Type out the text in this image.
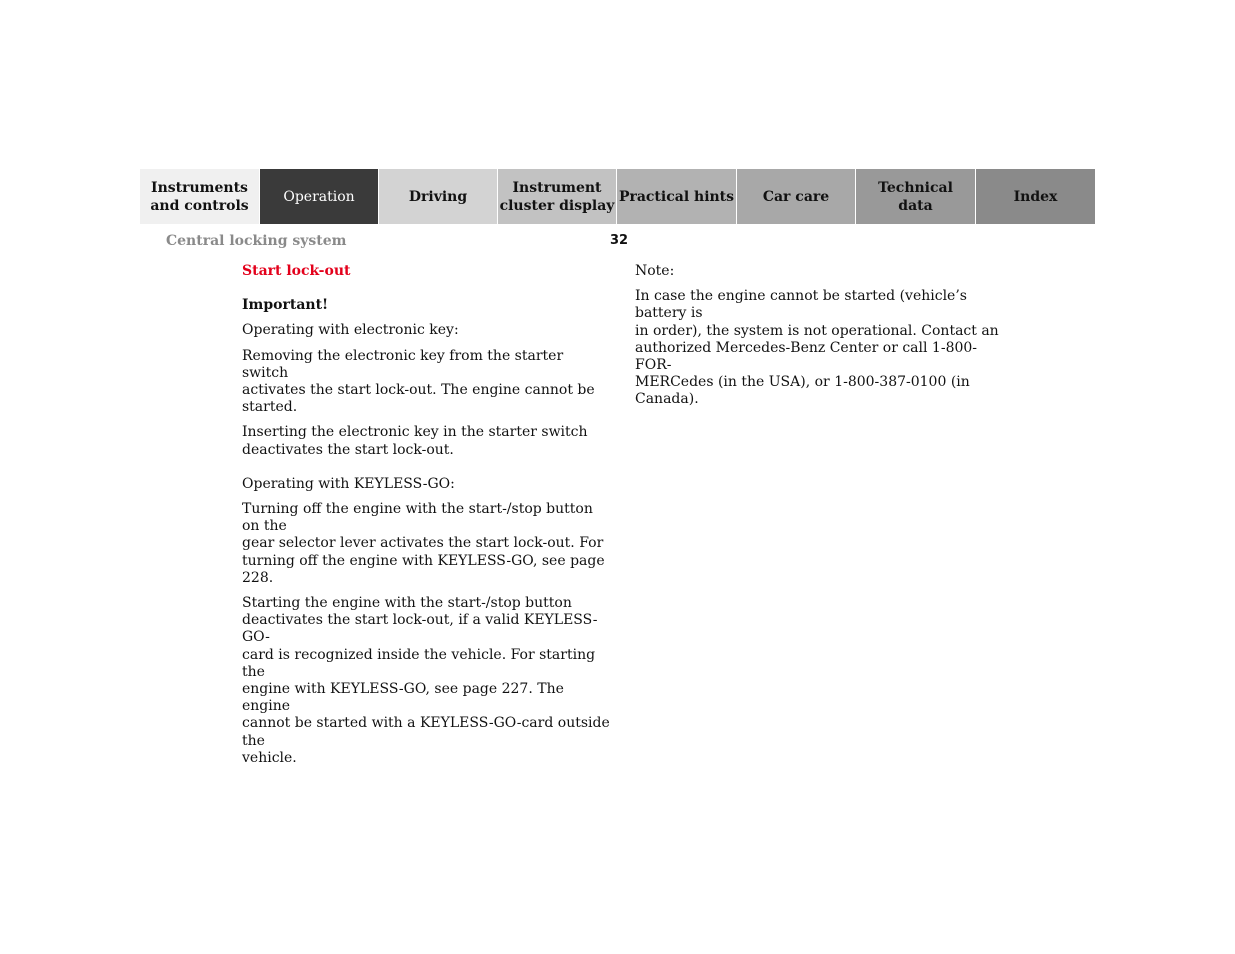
Instruments
and controls
Operation	Driving
Instrument
cluster display
Practical hints	Car care
Technical
data
Index
Central locking system	32

Start lock-out

Important!

Operating with electronic key:

Removing the electronic key from the starter switch
activates the start lock-out. The engine cannot be
started.

Inserting the electronic key in the starter switch
deactivates the start lock-out.

Operating with KEYLESS-GO:

Turning off the engine with the start-/stop button on the
gear selector lever activates the start lock-out. For
turning off the engine with KEYLESS-GO, see page 228.

Starting the engine with the start-/stop button
deactivates the start lock-out, if a valid KEYLESS-GO-
card is recognized inside the vehicle. For starting the
engine with KEYLESS-GO, see page 227. The engine
cannot be started with a KEYLESS-GO-card outside the
vehicle.

Note:

In case the engine cannot be started (vehicle’s battery is
in order), the system is not operational. Contact an
authorized Mercedes-Benz Center or call 1-800-FOR-
MERCedes (in the USA), or 1-800-387-0100 (in Canada).
